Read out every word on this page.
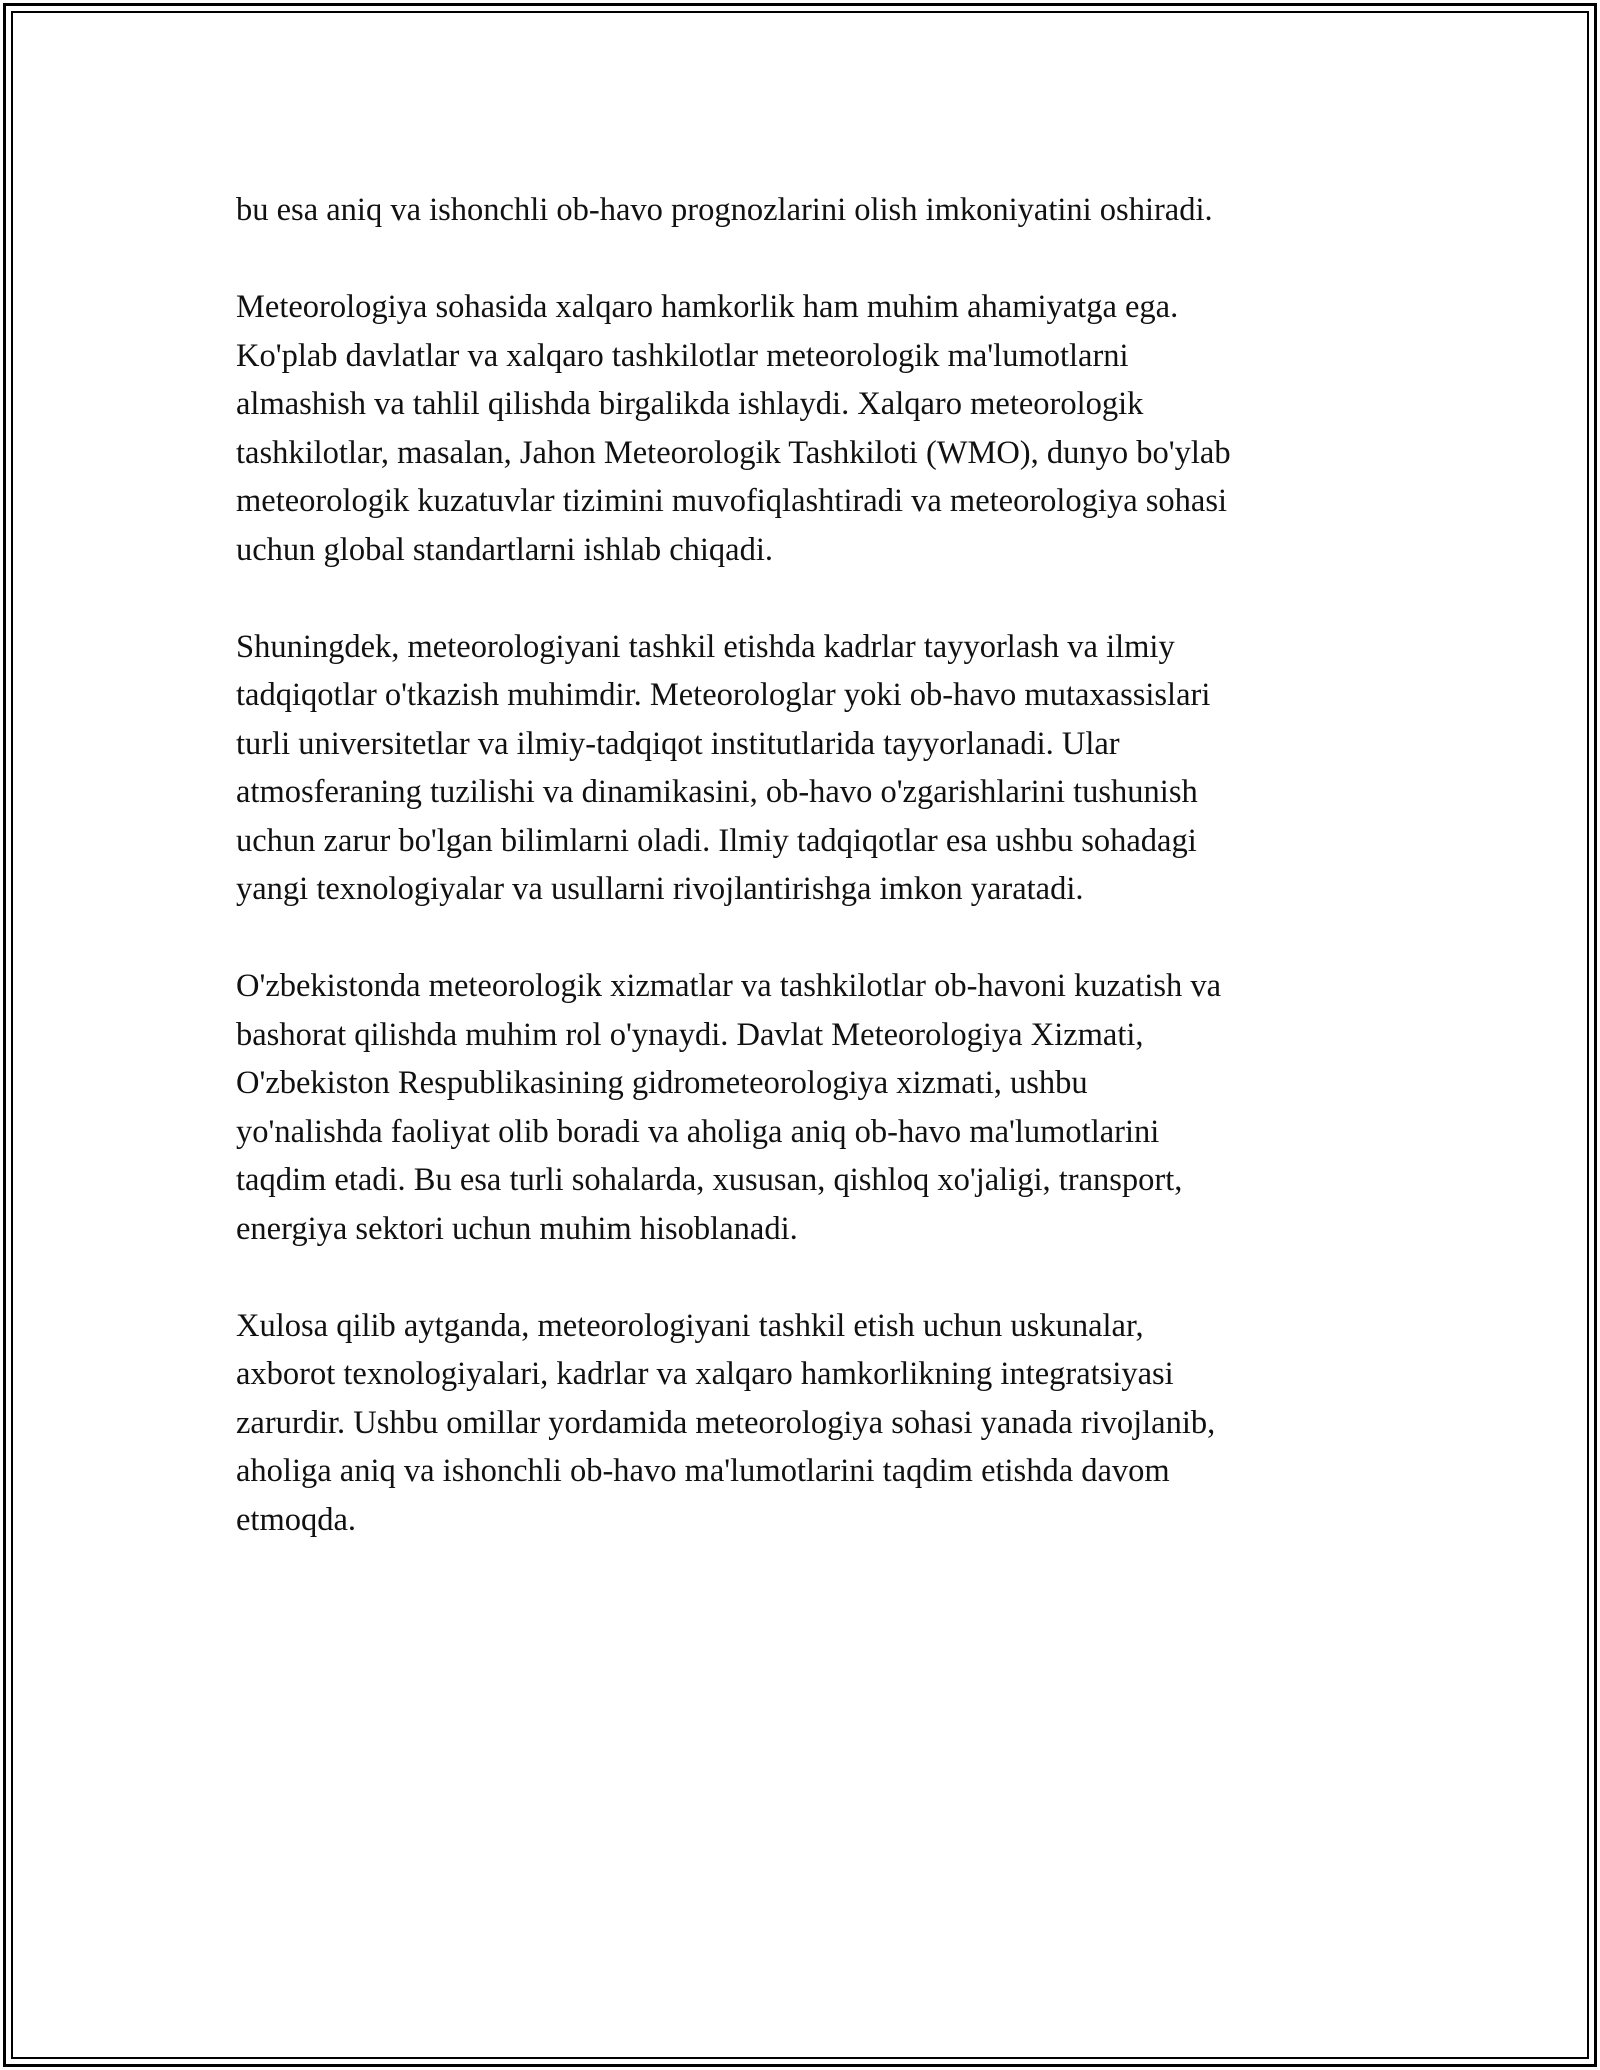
bu esa aniq va ishonchli ob-havo prognozlarini olish imkoniyatini oshiradi.

Meteorologiya sohasida xalqaro hamkorlik ham muhim ahamiyatga ega.
Ko'plab davlatlar va xalqaro tashkilotlar meteorologik ma'lumotlarni
almashish va tahlil qilishda birgalikda ishlaydi. Xalqaro meteorologik
tashkilotlar, masalan, Jahon Meteorologik Tashkiloti (WMO), dunyo bo'ylab
meteorologik kuzatuvlar tizimini muvofiqlashtiradi va meteorologiya sohasi
uchun global standartlarni ishlab chiqadi.

Shuningdek, meteorologiyani tashkil etishda kadrlar tayyorlash va ilmiy
tadqiqotlar o'tkazish muhimdir. Meteorologlar yoki ob-havo mutaxassislari
turli universitetlar va ilmiy-tadqiqot institutlarida tayyorlanadi. Ular
atmosferaning tuzilishi va dinamikasini, ob-havo o'zgarishlarini tushunish
uchun zarur bo'lgan bilimlarni oladi. Ilmiy tadqiqotlar esa ushbu sohadagi
yangi texnologiyalar va usullarni rivojlantirishga imkon yaratadi.

O'zbekistonda meteorologik xizmatlar va tashkilotlar ob-havoni kuzatish va
bashorat qilishda muhim rol o'ynaydi. Davlat Meteorologiya Xizmati,
O'zbekiston Respublikasining gidrometeorologiya xizmati, ushbu
yo'nalishda faoliyat olib boradi va aholiga aniq ob-havo ma'lumotlarini
taqdim etadi. Bu esa turli sohalarda, xususan, qishloq xo'jaligi, transport,
energiya sektori uchun muhim hisoblanadi.

Xulosa qilib aytganda, meteorologiyani tashkil etish uchun uskunalar,
axborot texnologiyalari, kadrlar va xalqaro hamkorlikning integratsiyasi
zarurdir. Ushbu omillar yordamida meteorologiya sohasi yanada rivojlanib,
aholiga aniq va ishonchli ob-havo ma'lumotlarini taqdim etishda davom
etmoqda.
